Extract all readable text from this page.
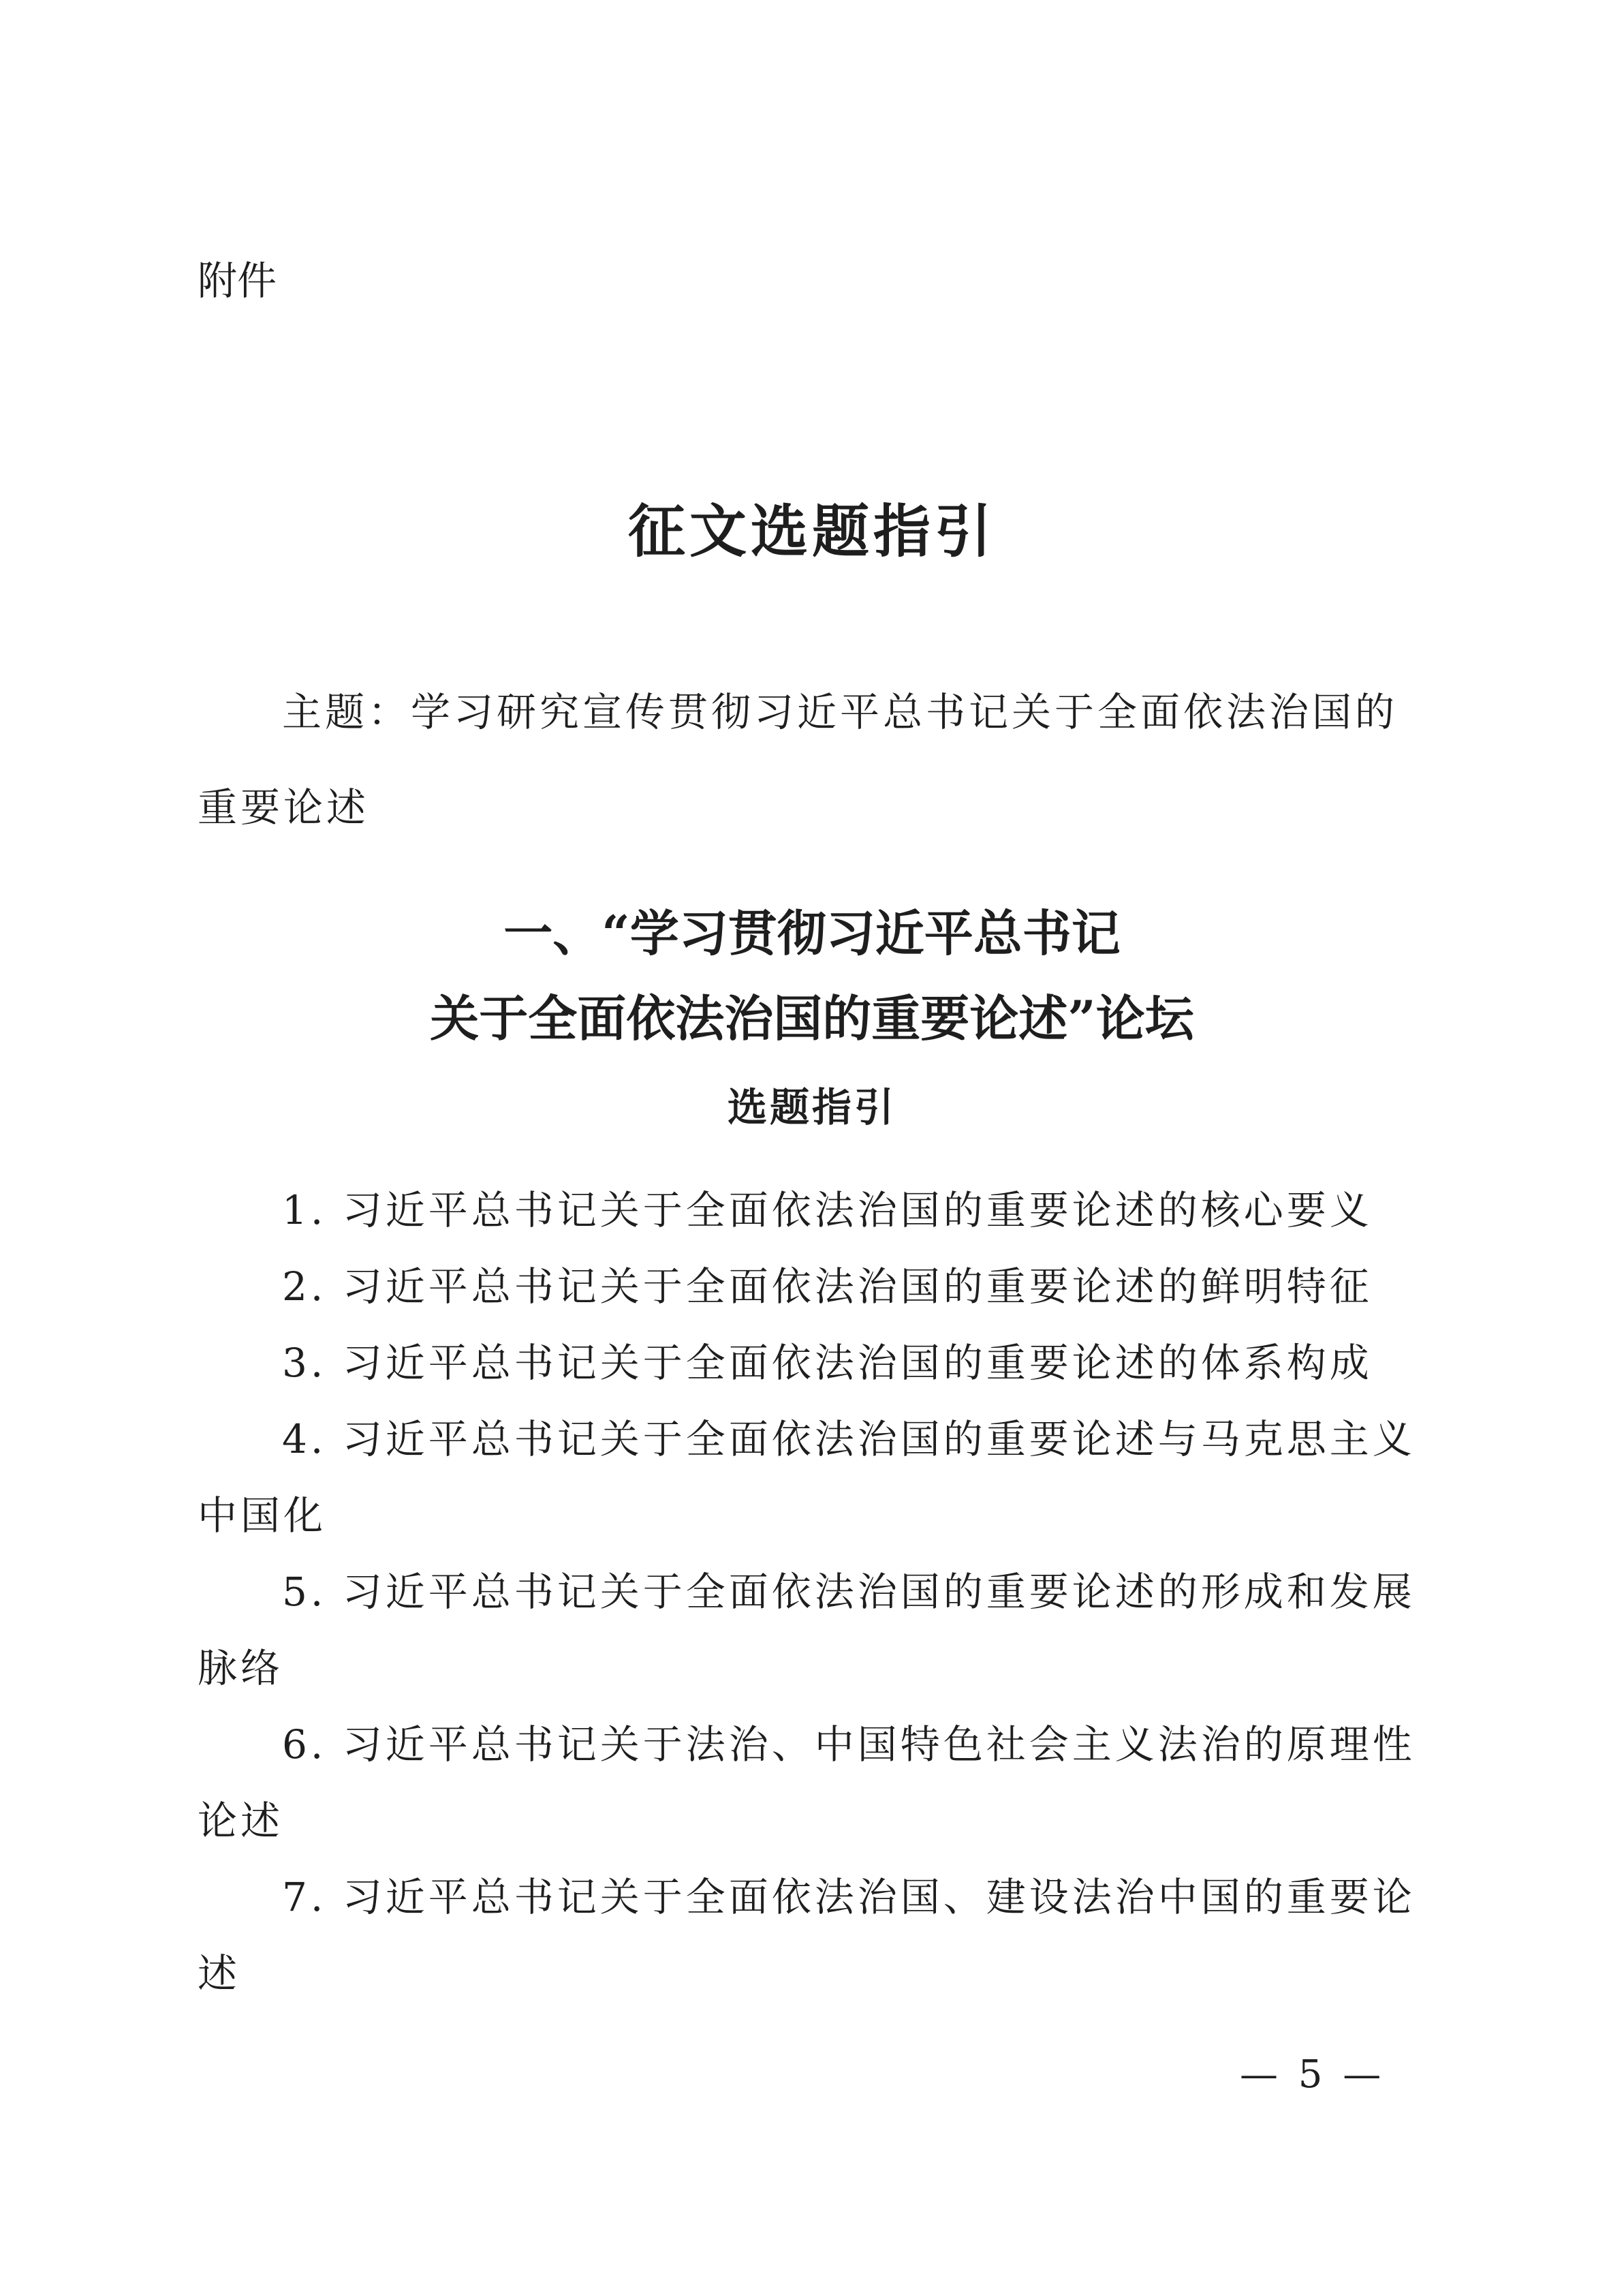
附件
征文选题指引
主题：学习研究宣传贯彻习近平总书记关于全面依法治国的重要论述
一、“学习贯彻习近平总书记
关于全面依法治国的重要论述”论坛
选题指引
1. 习近平总书记关于全面依法治国的重要论述的核心要义
2. 习近平总书记关于全面依法治国的重要论述的鲜明特征
3. 习近平总书记关于全面依法治国的重要论述的体系构成
4. 习近平总书记关于全面依法治国的重要论述与马克思主义中国化
5. 习近平总书记关于全面依法治国的重要论述的形成和发展脉络
6. 习近平总书记关于法治、中国特色社会主义法治的原理性论述
7. 习近平总书记关于全面依法治国、建设法治中国的重要论述
— 5 —
